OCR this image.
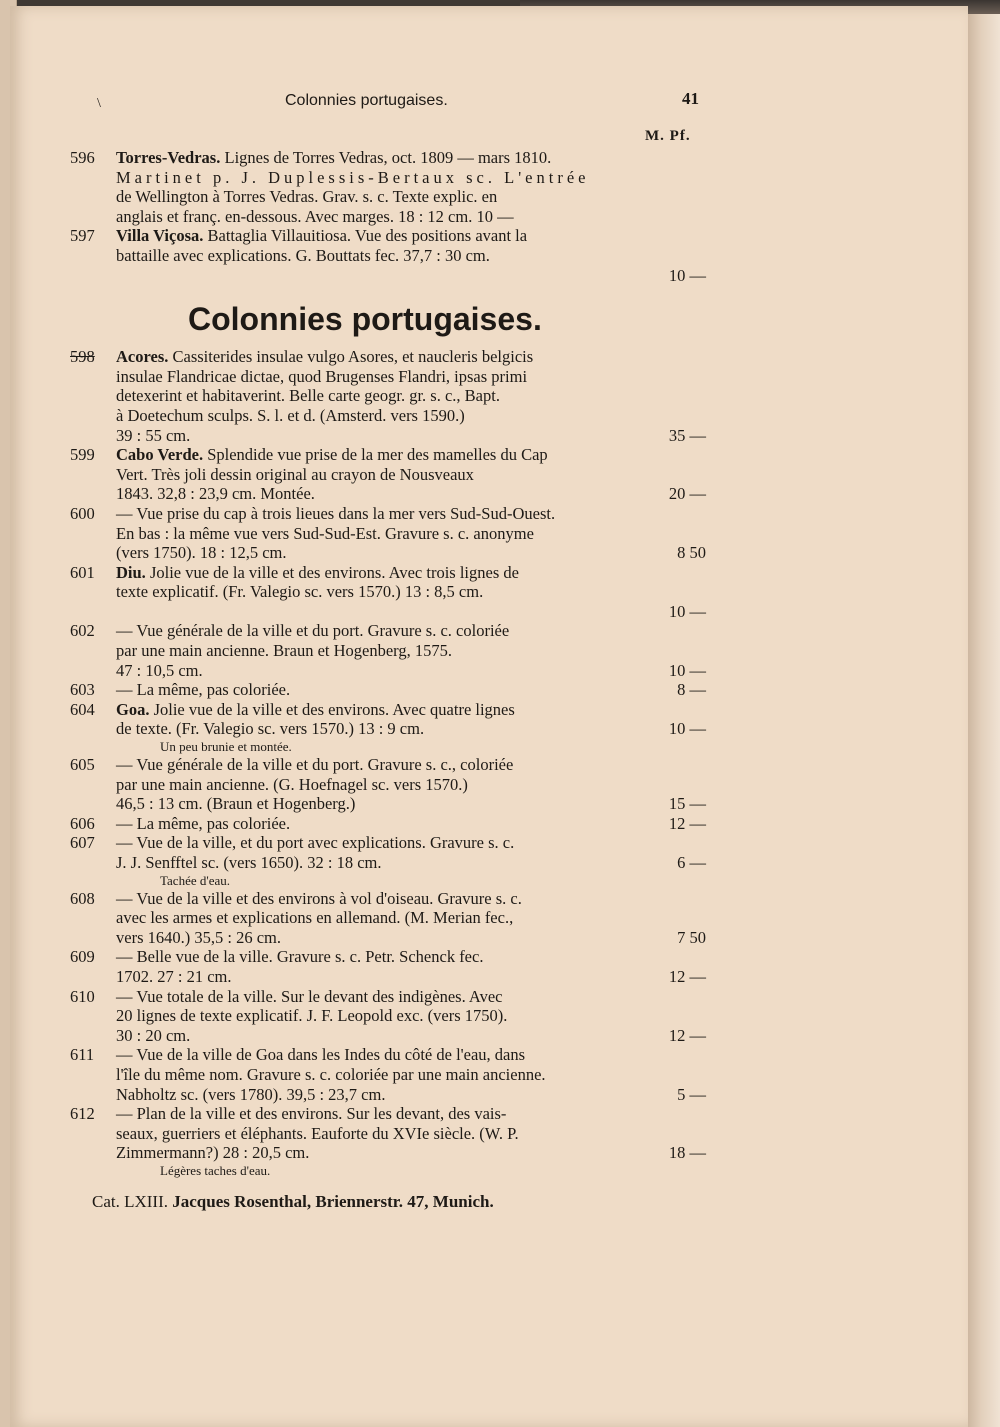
\	Colonnies portugaises.	41
M. Pf.
596	Torres-Vedras. Lignes de Torres Vedras, oct. 1809 — mars 1810.
Martinet p. J. Duplessis-Bertaux sc. L'entrée
de Wellington à Torres Vedras. Grav. s. c. Texte explic. en
anglais et franç. en-dessous. Avec marges. 18 : 12 cm. 10 —
597	Villa Viçosa. Battaglia Villauitiosa. Vue des positions avant la
battaille avec explications. G. Bouttats fec. 37,7 : 30 cm.
10 —
Colonnies portugaises.
598	Acores. Cassiterides insulae vulgo Asores, et naucleris belgicis
insulae Flandricae dictae, quod Brugenses Flandri, ipsas primi
detexerint et habitaverint. Belle carte geogr. gr. s. c., Bapt.
à Doetechum sculps. S. l. et d. (Amsterd. vers 1590.)
39 : 55 cm.	35 —
599	Cabo Verde. Splendide vue prise de la mer des mamelles du Cap
Vert. Très joli dessin original au crayon de Nousveaux
1843. 32,8 : 23,9 cm. Montée.	20 —
600	— Vue prise du cap à trois lieues dans la mer vers Sud-Sud-Ouest.
En bas : la même vue vers Sud-Sud-Est. Gravure s. c. anonyme
(vers 1750). 18 : 12,5 cm.	8 50
601	Diu. Jolie vue de la ville et des environs. Avec trois lignes de
texte explicatif. (Fr. Valegio sc. vers 1570.) 13 : 8,5 cm.
10 —
602	— Vue générale de la ville et du port. Gravure s. c. coloriée
par une main ancienne. Braun et Hogenberg, 1575.
47 : 10,5 cm.	10 —
603	— La même, pas coloriée.	8 —
604	Goa. Jolie vue de la ville et des environs. Avec quatre lignes
de texte. (Fr. Valegio sc. vers 1570.) 13 : 9 cm.	10 —
Un peu brunie et montée.
605	— Vue générale de la ville et du port. Gravure s. c., coloriée
par une main ancienne. (G. Hoefnagel sc. vers 1570.)
46,5 : 13 cm. (Braun et Hogenberg.)	15 —
606	— La même, pas coloriée.	12 —
607	— Vue de la ville, et du port avec explications. Gravure s. c.
J. J. Senfftel sc. (vers 1650). 32 : 18 cm.	6 —
Tachée d'eau.
608	— Vue de la ville et des environs à vol d'oiseau. Gravure s. c.
avec les armes et explications en allemand. (M. Merian fec.,
vers 1640.) 35,5 : 26 cm.	7 50
609	— Belle vue de la ville. Gravure s. c. Petr. Schenck fec.
1702. 27 : 21 cm.	12 —
610	— Vue totale de la ville. Sur le devant des indigènes. Avec
20 lignes de texte explicatif. J. F. Leopold exc. (vers 1750).
30 : 20 cm.	12 —
611	— Vue de la ville de Goa dans les Indes du côté de l'eau, dans
l'île du même nom. Gravure s. c. coloriée par une main ancienne.
Nabholtz sc. (vers 1780). 39,5 : 23,7 cm.	5 —
612	— Plan de la ville et des environs. Sur les devant, des vais-
seaux, guerriers et éléphants. Eauforte du XVIe siècle. (W. P.
Zimmermann?) 28 : 20,5 cm.	18 —
Légères taches d'eau.
Cat. LXIII. Jacques Rosenthal, Briennerstr. 47, Munich.
